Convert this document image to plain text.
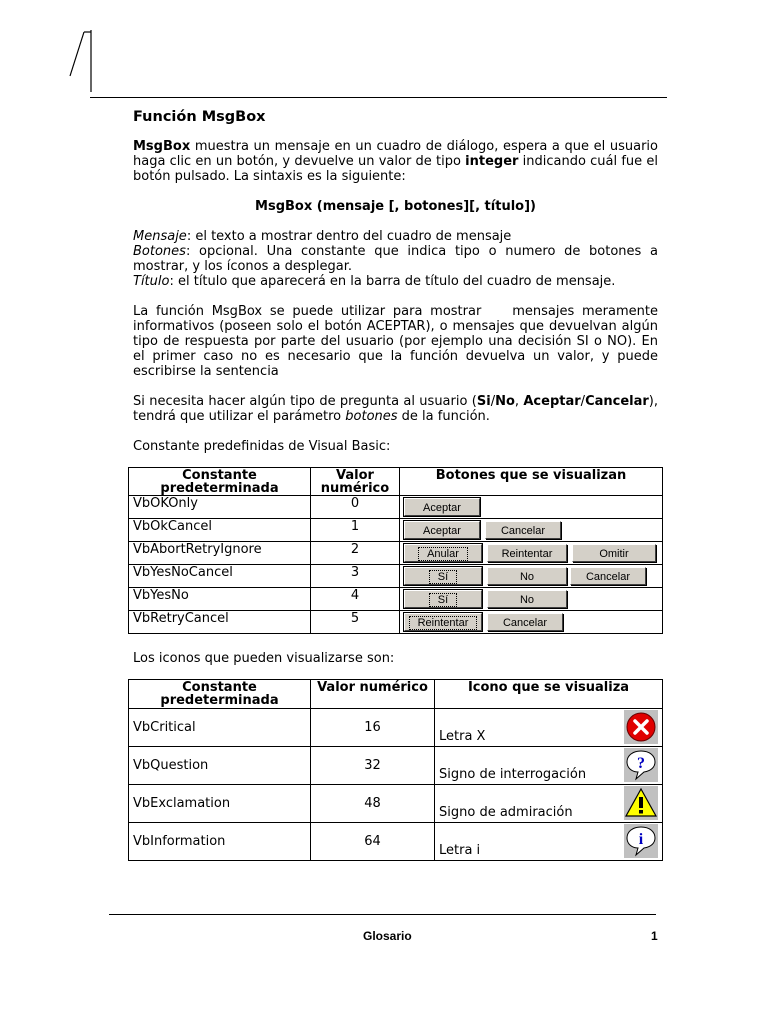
Función MsgBox

MsgBox muestra un mensaje en un cuadro de diálogo, espera a que el usuario haga clic en un botón, y devuelve un valor de tipo integer indicando cuál fue el botón pulsado. La sintaxis es la siguiente:

MsgBox (mensaje [, botones][, título])

Mensaje: el texto a mostrar dentro del cuadro de mensaje

Botones: opcional. Una constante que indica tipo o numero de botones a mostrar, y los íconos a desplegar.

Título: el título que aparecerá en la barra de título del cuadro de mensaje.

La función MsgBox se puede utilizar para mostrar    mensajes meramente informativos (poseen solo el botón ACEPTAR), o mensajes que devuelvan algún tipo de respuesta por parte del usuario (por ejemplo una decisión SI o NO). En el primer caso no es necesario que la función devuelva un valor, y puede escribirse la sentencia

Si necesita hacer algún tipo de pregunta al usuario (Si/No, Aceptar/Cancelar), tendrá que utilizar el parámetro botones de la función.

Constante predefinidas de Visual Basic:

Constante predeterminada	Valor numérico	Botones que se visualizan
VbOKOnly	0	Aceptar

VbOkCancel	1	Aceptar Cancelar

VbAbortRetryIgnore	2	Anular Reintentar Omitir

VbYesNoCancel	3	Sí No Cancelar

VbYesNo	4	Sí No

VbRetryCancel	5	Reintentar Cancelar
Los iconos que pueden visualizarse son:
Constante predeterminada	Valor numérico	Icono que se visualiza
VbCritical	16	Letra X

VbQuestion	32	Signo de interrogación
?

VbExclamation	48	Signo de admiración

VbInformation	64	Letra i
i
Glosario	1
